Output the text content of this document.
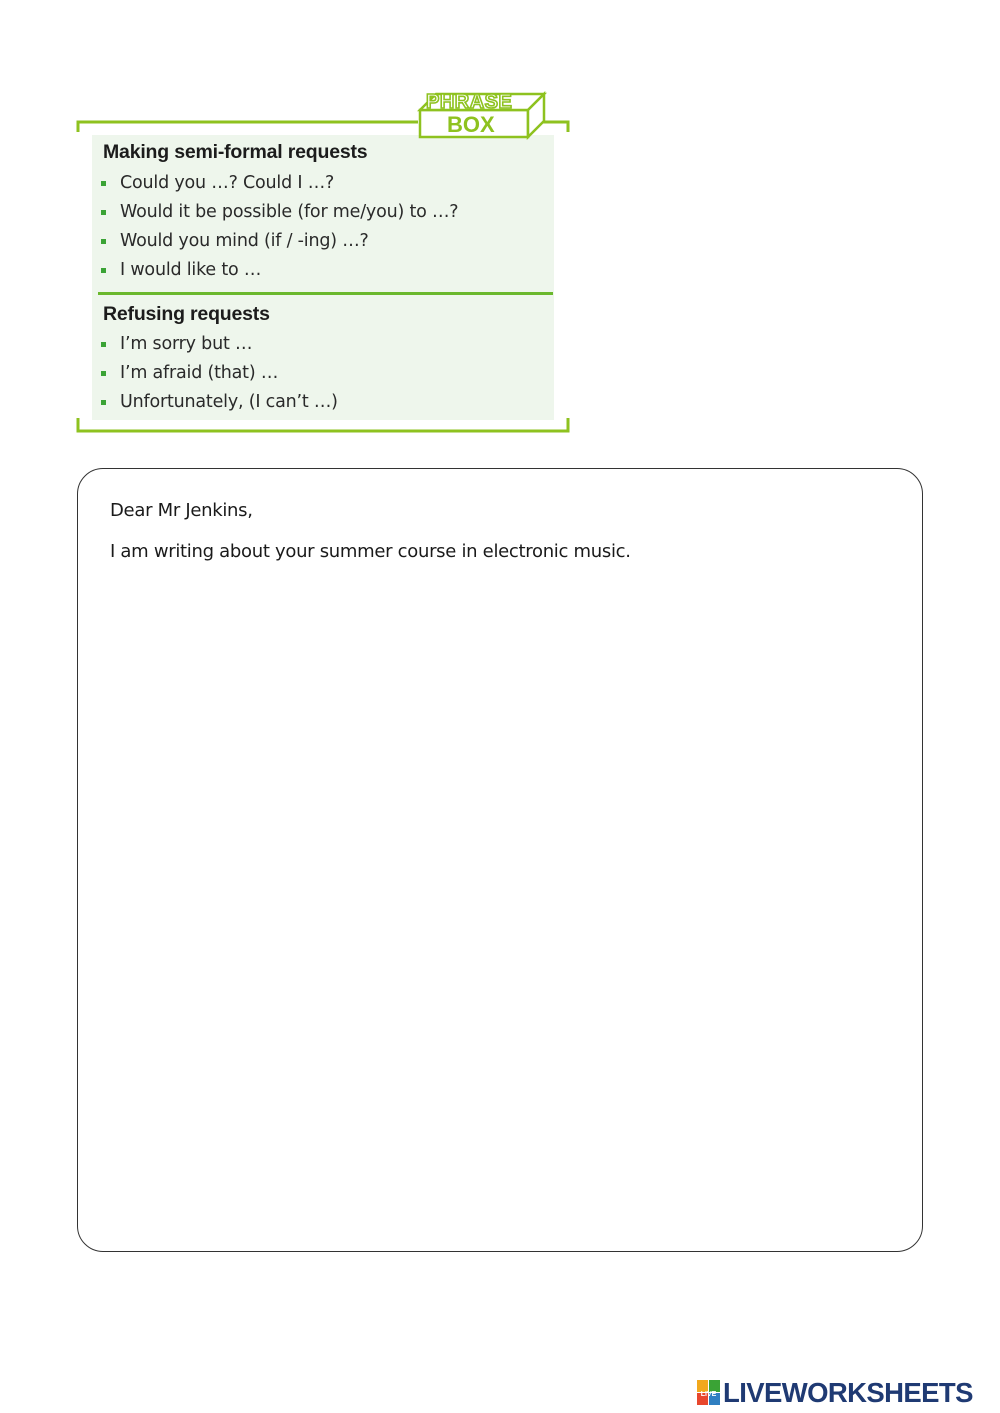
PHRASE
BOX
Making semi-formal requests
Could you …? Could I …?
Would it be possible (for me/you) to …?
Would you mind (if / -ing) …?
I would like to …
Refusing requests
I’m sorry but …
I’m afraid (that) …
Unfortunately, (I can’t …)
Dear Mr Jenkins,
I am writing about your summer course in electronic music.
LIVE LIVEWORKSHEETS
